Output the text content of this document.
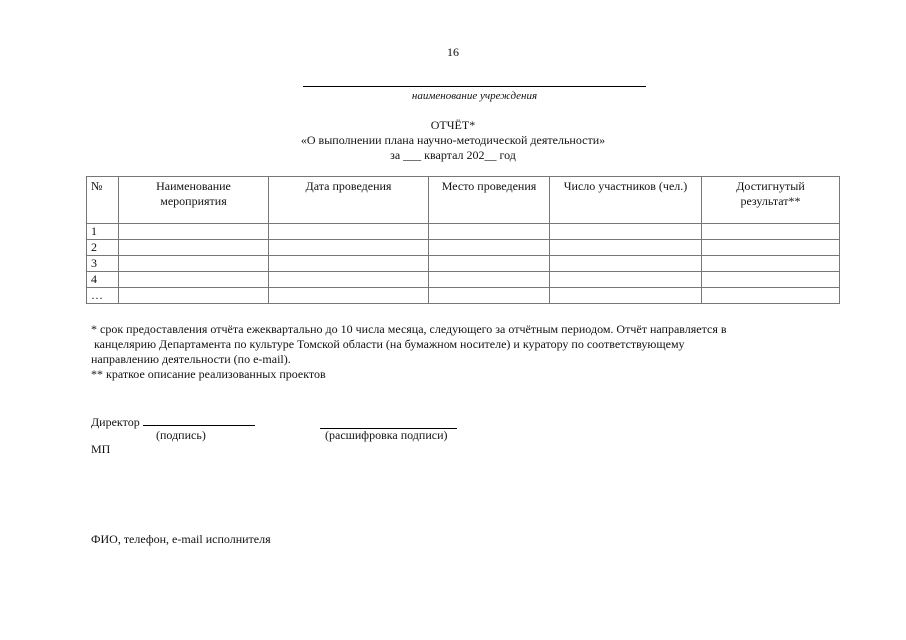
16
наименование учреждения
ОТЧЁТ*
«О выполнении плана научно-методической деятельности»
за ___ квартал 202__ год
№	Наименование мероприятия	Дата проведения	Место проведения	Число участников (чел.)	Достигнутый результат**
1					
2					
3					
4					
…					

* срок предоставления отчёта ежеквартально до 10 числа месяца, следующего за отчётным периодом. Отчёт направляется в

канцелярию Департамента по культуре Томской области (на бумажном носителе) и куратору по соответствующему

направлению деятельности (по e-mail).

** краткое описание реализованных проектов

Директор
(подпись)	(расшифровка подписи)
МП
ФИО, телефон, e-mail исполнителя
